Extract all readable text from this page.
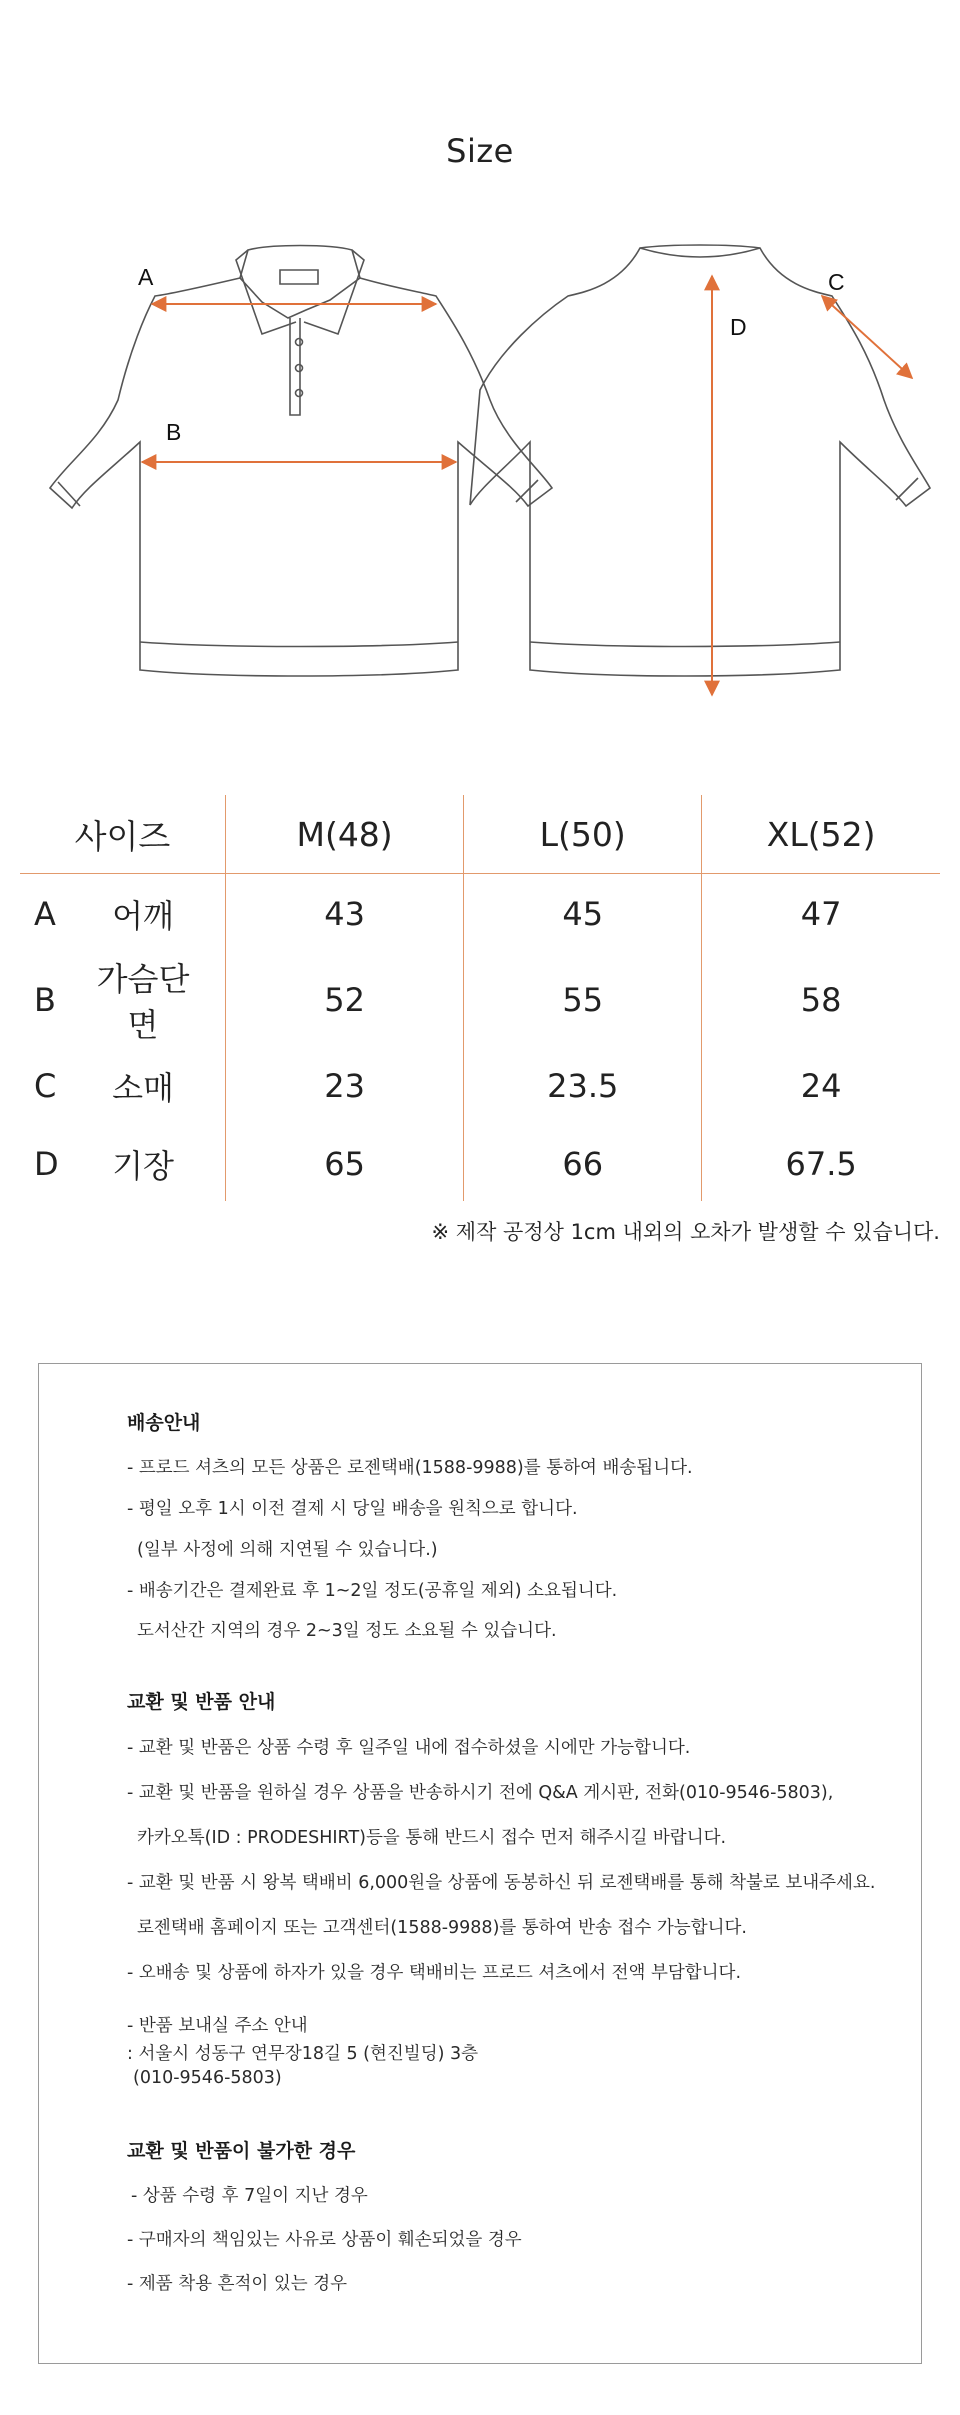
Size
A
B
C
D
사이즈	M(48)	L(50)	XL(52)

A 어깨	43	45	47

B
가슴단면	52	55	58

C 소매	23	23.5	24

D 기장	65	66	67.5
※ 제작 공정상 1cm 내외의 오차가 발생할 수 있습니다.
배송안내
- 프로드 셔츠의 모든 상품은 로젠택배(1588-9988)를 통하여 배송됩니다.
- 평일 오후 1시 이전 결제 시 당일 배송을 원칙으로 합니다.
(일부 사정에 의해 지연될 수 있습니다.)
- 배송기간은 결제완료 후 1~2일 정도(공휴일 제외) 소요됩니다.
도서산간 지역의 경우 2~3일 정도 소요될 수 있습니다.
교환 및 반품 안내
- 교환 및 반품은 상품 수령 후 일주일 내에 접수하셨을 시에만 가능합니다.
- 교환 및 반품을 원하실 경우 상품을 반송하시기 전에 Q&A 게시판, 전화(010-9546-5803),
카카오톡(ID : PRODESHIRT)등을 통해 반드시 접수 먼저 해주시길 바랍니다.
- 교환 및 반품 시 왕복 택배비 6,000원을 상품에 동봉하신 뒤 로젠택배를 통해 착불로 보내주세요.
로젠택배 홈페이지 또는 고객센터(1588-9988)를 통하여 반송 접수 가능합니다.
- 오배송 및 상품에 하자가 있을 경우 택배비는 프로드 셔츠에서 전액 부담합니다.
- 반품 보내실 주소 안내
: 서울시 성동구 연무장18길 5 (현진빌딩) 3층
(010-9546-5803)
교환 및 반품이 불가한 경우
- 상품 수령 후 7일이 지난 경우
- 구매자의 책임있는 사유로 상품이 훼손되었을 경우
- 제품 착용 흔적이 있는 경우
